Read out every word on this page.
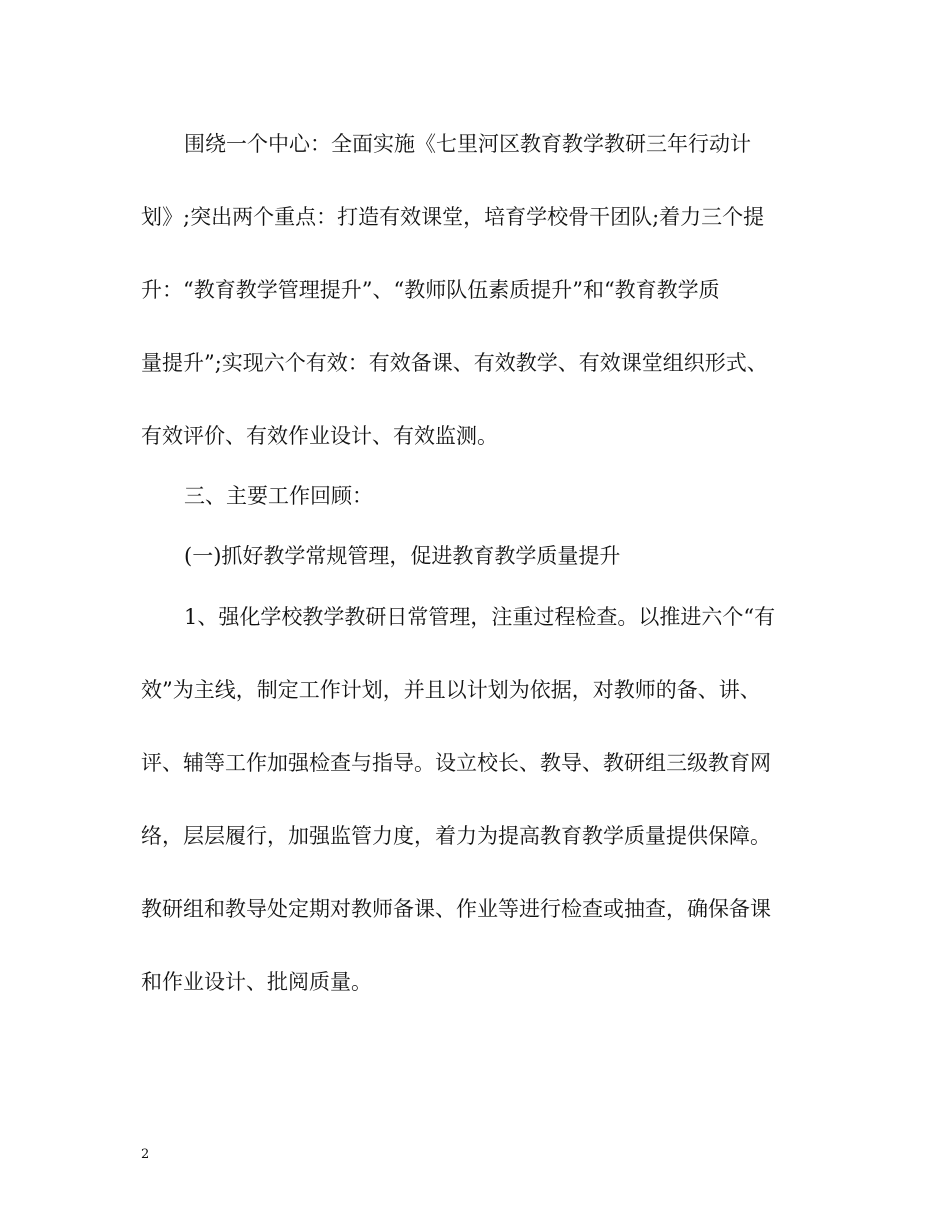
围绕一个中心：全面实施《七里河区教育教学教研三年行动计
划》;突出两个重点：打造有效课堂，培育学校骨干团队;着力三个提
升：“教育教学管理提升”、“教师队伍素质提升”和“教育教学质
量提升”;实现六个有效：有效备课、有效教学、有效课堂组织形式、
有效评价、有效作业设计、有效监测。
三、主要工作回顾：
(一)抓好教学常规管理，促进教育教学质量提升
1、强化学校教学教研日常管理，注重过程检查。以推进六个“有
效”为主线，制定工作计划，并且以计划为依据，对教师的备、讲、
评、辅等工作加强检查与指导。设立校长、教导、教研组三级教育网
络，层层履行，加强监管力度，着力为提高教育教学质量提供保障。
教研组和教导处定期对教师备课、作业等进行检查或抽查，确保备课
和作业设计、批阅质量。
2
